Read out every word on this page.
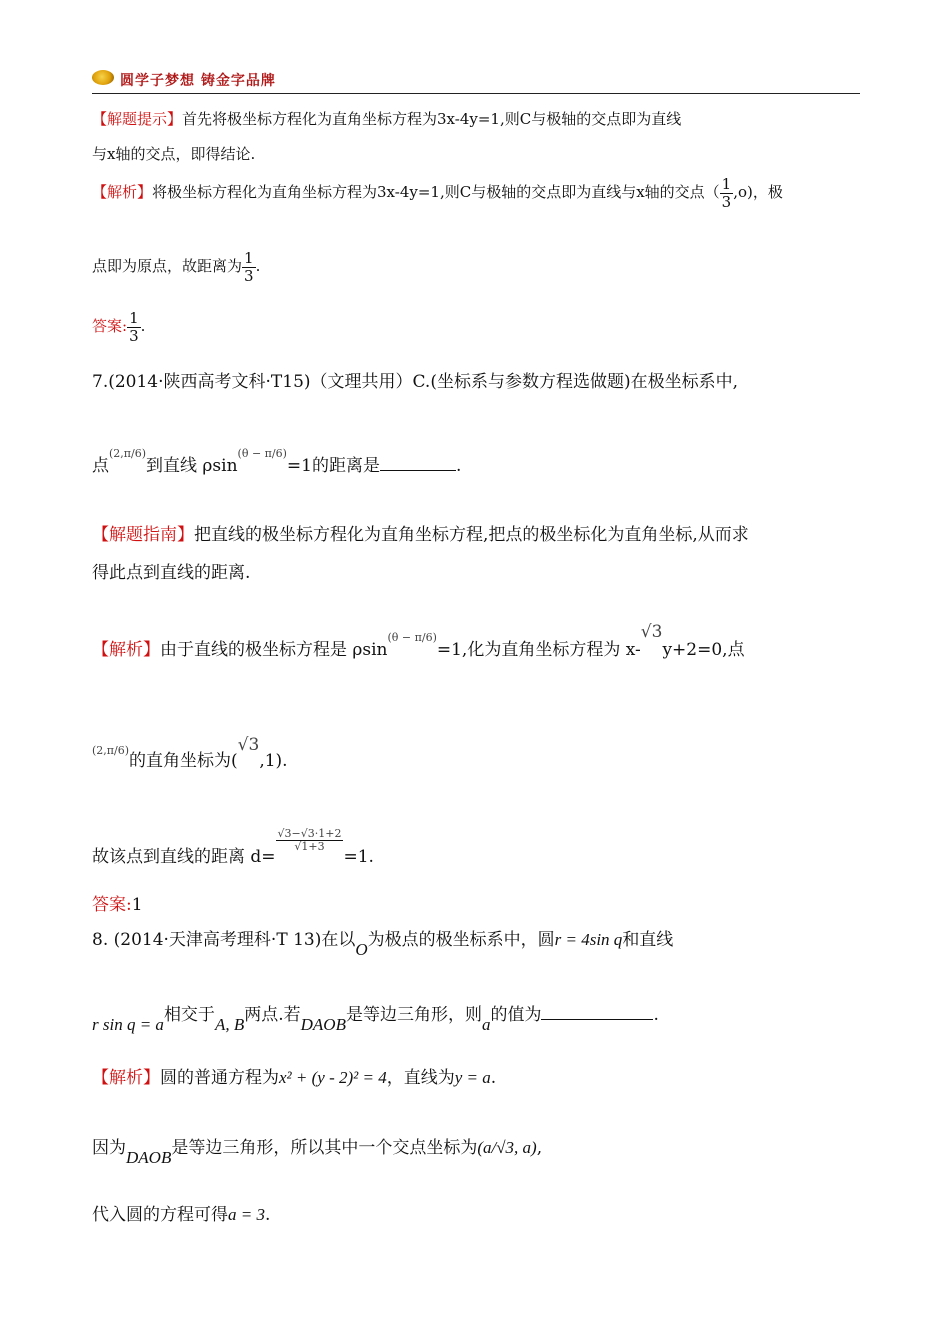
圆学子梦想 铸金字品牌
【解题提示】首先将极坐标方程化为直角坐标方程为3x-4y=1,则C与极轴的交点即为直线
与x轴的交点，即得结论.
【解析】将极坐标方程化为直角坐标方程为3x-4y=1,则C与极轴的交点即为直线与x轴的交点（ $\frac{1}{3} ,o$)，极
点即为原点，故距离为 $\frac{1}{3}$ .
答案: $\frac{1}{3}$ .
7.(2014·陕西高考文科·T15)（文理共用）C.(坐标系与参数方程选做题)在极坐标系中,
点$^{(2,\pi/6)}$到直线 ρsin$^{(\theta - \pi/6)}$=1的距离是	.
【解题指南】把直线的极坐标方程化为直角坐标方程,把点的极坐标化为直角坐标,从而求
得此点到直线的距离.
【解析】由于直线的极坐标方程是 ρsin$^{(\theta - \pi/6)}$=1,化为直角坐标方程为 x-√3y+2=0,点
$^{(2,\pi/6)}$的直角坐标为(√3,1).
故该点到直线的距离 d=
$\frac{√3-√3\cdot 1+2}{√1+3}$
=1.
答案:1
8. (2014·天津高考理科·T 13)在以O为极点的极坐标系中，圆r = 4sin q和直线
r sin q = a相交于A, B两点.若DAOB是等边三角形，则a的值为	.
【解析】圆的普通方程为x² + (y - 2)² = 4，直线为y = a.
因为DAOB是等边三角形，所以其中一个交点坐标为(a/√3, a),
代入圆的方程可得a = 3.
